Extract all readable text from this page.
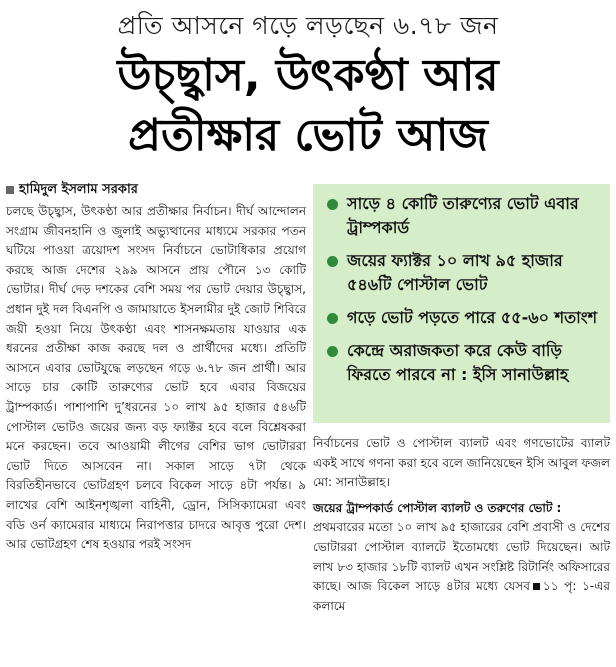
প্রতি আসনে গড়ে লড়ছেন ৬.৭৮ জন
উচ্ছ্বাস, উৎকণ্ঠা আর
প্রতীক্ষার ভোট আজ
হামিদুল ইসলাম সরকার
চলছে উচ্ছ্বাস, উৎকণ্ঠা আর প্রতীক্ষার নির্বাচন। দীর্ঘ আন্দোলন সংগ্রাম জীবনহানি ও জুলাই অভ্যুত্থানের মাধ্যমে সরকার পতন ঘটিয়ে পাওয়া ত্রয়োদশ সংসদ নির্বাচনে ভোটাধিকার প্রয়োগ করছে আজ দেশের ২৯৯ আসনে প্রায় পৌনে ১৩ কোটি ভোটার। দীর্ঘ দেড় দশকের বেশি সময় পর ভোট দেয়ার উচ্ছ্বাস, প্রধান দুই দল বিএনপি ও জামায়াতে ইসলামীর দুই জোট শিবিরে জয়ী হওয়া নিয়ে উৎকণ্ঠা এবং শাসনক্ষমতায় যাওয়ার এক ধরনের প্রতীক্ষা কাজ করছে দল ও প্রার্থীদের মধ্যে। প্রতিটি আসনে এবার ভোটযুদ্ধে লড়ছেন গড়ে ৬.৭৮ জন প্রার্থী। আর সাড়ে চার কোটি তারুণ্যের ভোট হবে এবার বিজয়ের ট্রাম্পকার্ড। পাশাপাশি দু’ধরনের ১০ লাখ ৯৫ হাজার ৫৪৬টি পোস্টাল ভোটও জয়ের জন্য বড় ফ্যাক্টর হবে বলে বিশ্লেষকরা মনে করছেন। তবে আওয়ামী লীগের বেশির ভাগ ভোটাররা ভোট দিতে আসবেন না। সকাল সাড়ে ৭টা থেকে বিরতিহীনভাবে ভোটগ্রহণ চলবে বিকেল সাড়ে ৪টা পর্যন্ত। ৯ লাখের বেশি আইনশৃঙ্খলা বাহিনী, ড্রোন, সিসিক্যামেরা এবং বডি ওর্ন ক্যামেরার মাধ্যমে নিরাপত্তার চাদরে আবৃত্ত পুরো দেশ। আর ভোটগ্রহণ শেষ হওয়ার পরই সংসদ
সাড়ে ৪ কোটি তারুণ্যের ভোট এবার ট্রাম্পকার্ড
জয়ের ফ্যাক্টর ১০ লাখ ৯৫ হাজার ৫৪৬টি পোস্টাল ভোট
গড়ে ভোট পড়তে পারে ৫৫-৬০ শতাংশ
কেন্দ্রে অরাজকতা করে কেউ বাড়ি ফিরতে পারবে না : ইসি সানাউল্লাহ

নির্বাচনের ভোট ও পোস্টাল ব্যালট এবং গণভোটের ব্যালট একই সাথে গণনা করা হবে বলে জানিয়েছেন ইসি আবুল ফজল মো: সানাউল্লাহ।

জয়ের ট্রাম্পকার্ড পোস্টাল ব্যালট ও তরুণের ভোট :

প্রথমবারের মতো ১০ লাখ ৯৫ হাজারের বেশি প্রবাসী ও দেশের ভোটাররা পোস্টাল ব্যালটে ইতোমধ্যে ভোট দিয়েছেন। আট লাখ ৮৩ হাজার ১৮টি ব্যালট এখন সংশ্লিষ্ট রিটার্নিং অফিসারের কাছে। আজ বিকেল সাড়ে ৪টার মধ্যে যেসব ১১ পৃ: ১-এর কলামে
